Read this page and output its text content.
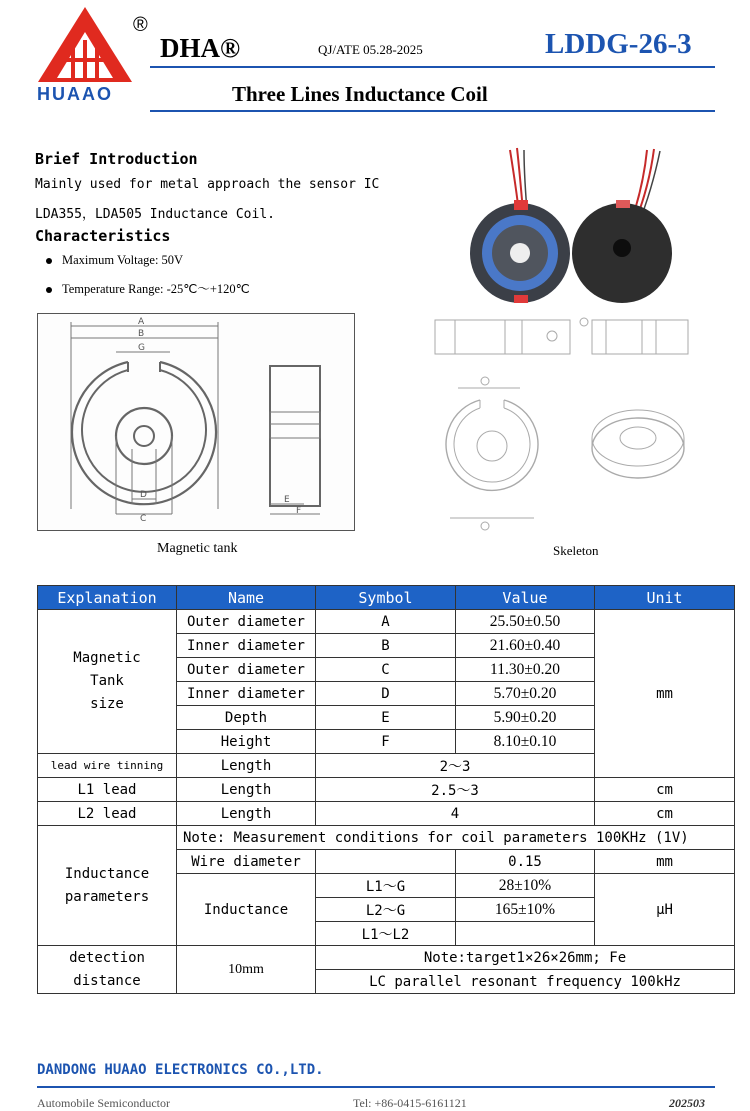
HUAAO
®
DHA®	QJ/ATE 05.28-2025	LDDG-26-3
Three Lines Inductance Coil
Brief Introduction
Mainly used for metal approach the sensor IC
LDA355，LDA505 Inductance Coil.
Characteristics
Maximum Voltage: 50V
Temperature Range: -25℃～+120℃
A
B
G
D
C
E
F
Magnetic tank	Skeleton
Explanation	Name	Symbol	Value	Unit
Magnetic
Tank
size	Outer diameter	A	25.50±0.50	mm
	Inner diameter	B	21.60±0.40	
	Outer diameter	C	11.30±0.20	
	Inner diameter	D	5.70±0.20	
	Depth	E	5.90±0.20	
	Height	F	8.10±0.10	
lead wire tinning	Length	2～3		
L1 lead	Length	2.5～3		cm
L2 lead	Length	4		cm
Inductance
parameters	Note: Measurement conditions for coil parameters 100KHz (1V)			
	Wire diameter		0.15	mm
	Inductance	L1～G	28±10%	μH
		L2～G	165±10%	
		L1～L2		
detection
distance	10mm	Note:target1×26×26mm; Fe		
		LC parallel resonant frequency 100kHz		
DANDONG HUAAO ELECTRONICS CO.,LTD.
Automobile Semiconductor	Tel: +86-0415-6161121	202503
